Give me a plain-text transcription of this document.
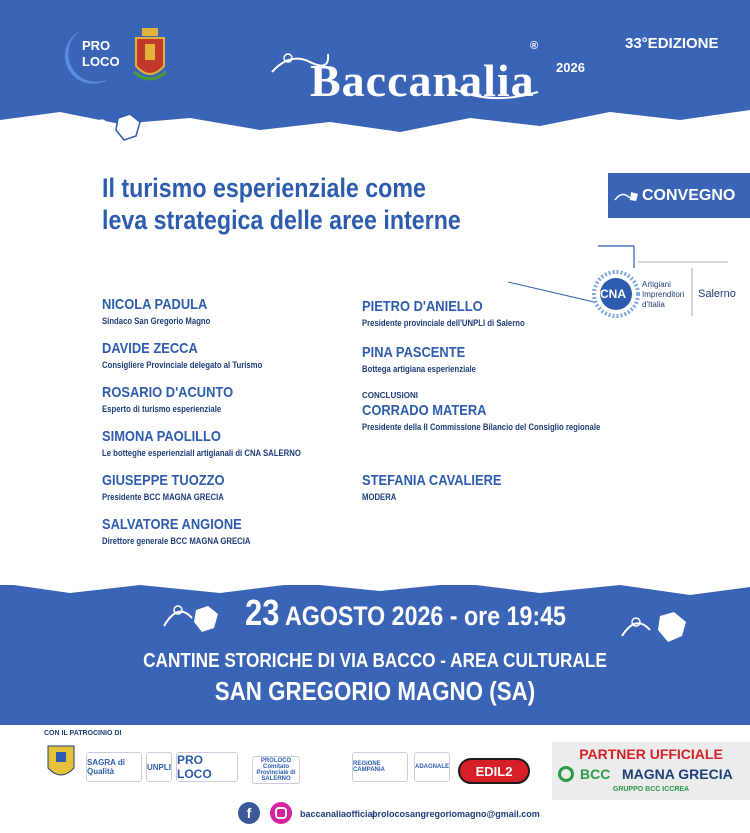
PRO
LOCO	Baccanalia
®
2026
33°EDIZIONE
Il turismo esperienziale come
leva strategica delle aree interne
CONVEGNO
CNA
Artigiani
Imprenditori
d'Italia
Salerno
NICOLA PADULA
Sindaco San Gregorio Magno
DAVIDE ZECCA
Consigliere Provinciale delegato al Turismo
ROSARIO D'ACUNTO
Esperto di turismo esperienziale
SIMONA PAOLILLO
Le botteghe esperienziali artigianali di CNA SALERNO
GIUSEPPE TUOZZO
Presidente BCC MAGNA GRECIA
SALVATORE ANGIONE
Direttore generale BCC MAGNA GRECIA
PIETRO D'ANIELLO
Presidente provinciale dell'UNPLI di Salerno
PINA PASCENTE
Bottega artigiana esperienziale
CONCLUSIONI
CORRADO MATERA
Presidente della II Commissione Bilancio del Consiglio regionale
STEFANIA CAVALIERE
MODERA
23 AGOSTO 2026 - ore 19:45
CANTINE STORICHE DI VIA BACCO - AREA CULTURALE
SAN GREGORIO MAGNO (SA)
CON IL PATROCINIO DI
SAGRA di Qualità	UNPLI PRO LOCO
PROLOCO Comitato Provinciale di SALERNO
REGIONE CAMPANIA	ADAGNALE	EDIL2
PARTNER UFFICIALE
BCC MAGNA GRECIA
GRUPPO BCC ICCREA
f	baccanaliaofficial
prolocosangregoriomagno@gmail.com
